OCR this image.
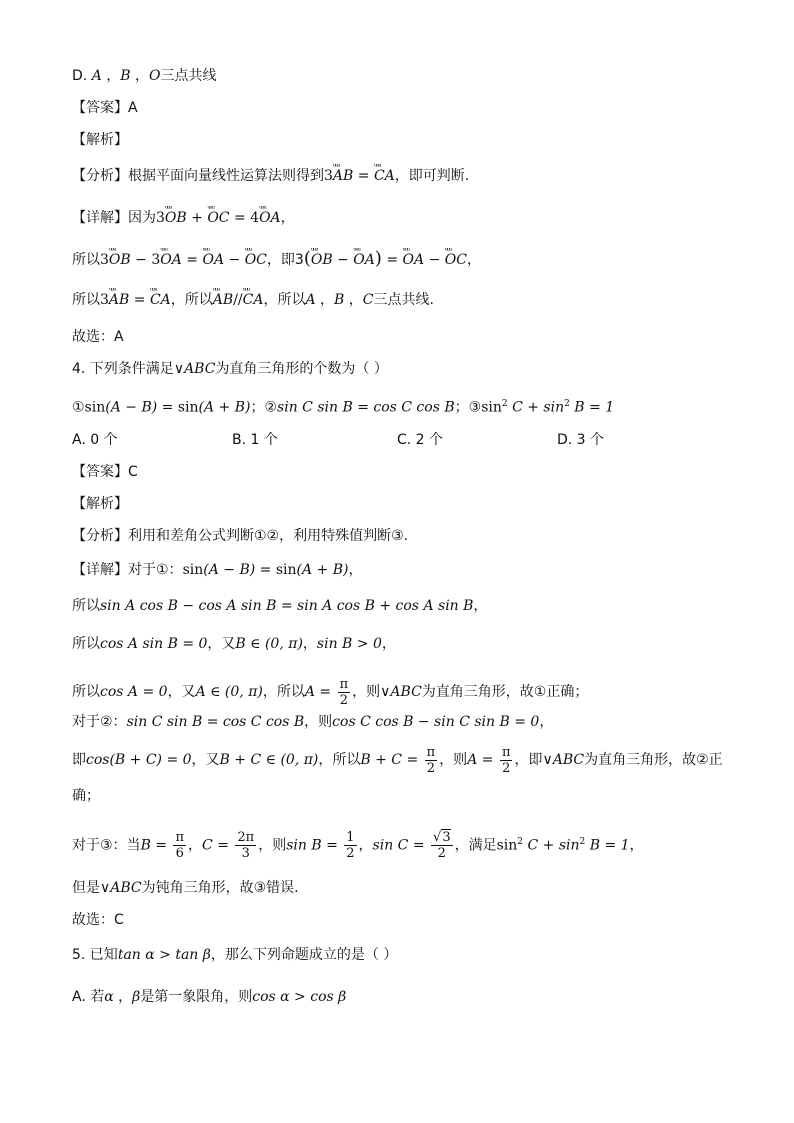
D. A ，B ，O三点共线
【答案】A
【解析】
【分析】根据平面向量线性运算法则得到3ᵘᵘᵘ AB = ᵘᵘᵘ CA，即可判断.
【详解】因为3ᵘᵘᵘ OB + ᵘᵘᵘ OC = 4ᵘᵘᵘ OA，
所以3ᵘᵘᵘ OB − 3ᵘᵘᵘ OA = ᵘᵘᵘ OA − ᵘᵘᵘ OC，即3(ᵘᵘᵘ OB − ᵘᵘᵘ OA) = ᵘᵘᵘ OA − ᵘᵘᵘ OC，
所以3ᵘᵘᵘ AB = ᵘᵘᵘ CA，所以ᵘᵘᵘ AB//ᵘᵘᵘ CA，所以A ，B ，C三点共线.
故选：A
4. 下列条件满足∨ABC为直角三角形的个数为（ ）
①sin(A − B) = sin(A + B)；②sin C sin B = cos C cos B；$③\sin^2$ $C + \sin^2 B = 1$
A. 0 个	B. 1 个	C. 2 个	D. 3 个
【答案】C
【解析】
【分析】利用和差角公式判断①②，利用特殊值判断③.
【详解】对于①：sin(A − B) = sin(A + B)，
所以sin A cos B − cos A sin B = sin A cos B + cos A sin B，
所以cos A sin B = 0，又B ∈ (0, π)，sin B > 0，
所以cos A = 0，又A ∈ (0, π)，所以$A = \frac{\pi}{2}$ ，则∨ABC为直角三角形，故①正确；
对于②：sin C sin B = cos C cos B，则cos C cos B − sin C sin B = 0，
即cos(B + C) = 0，又B + C ∈ (0, π)，所以$B + C = \frac{\pi}{2}$ ，则$A = \frac{\pi}{2}$ ，即∨ABC为直角三角形，故②正
确；
对于③：当$B = \frac{\pi}{6}$ ，$C = \frac{2\pi}{3}$ ，则$\sin B = \frac{1}{2}$ ，$\sin C = \frac{√3}{2}$ ，满足$\sin^2 C + \sin^2 B = 1$，
但是∨ABC为钝角三角形，故③错误.
故选：C
5. 已知tan α > tan β，那么下列命题成立的是（ ）
A. 若α ，β是第一象限角，则cos α > cos β
